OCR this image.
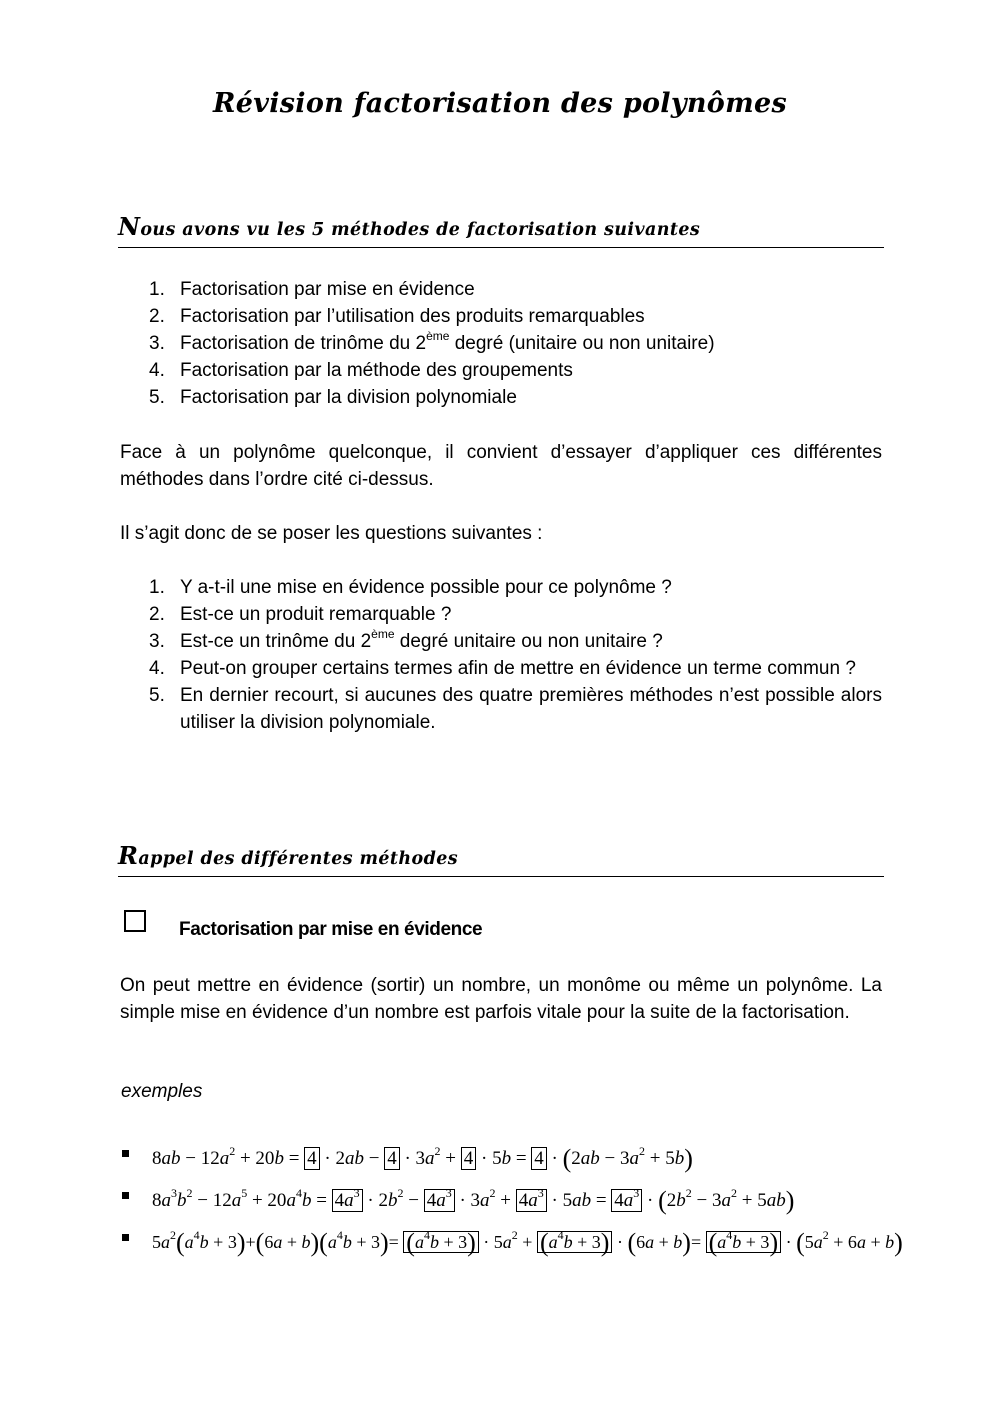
Révision factorisation des polynômes
Nous avons vu les 5 méthodes de factorisation suivantes
1. Factorisation par mise en évidence
2. Factorisation par l’utilisation des produits remarquables
3. Factorisation de trinôme du 2ème degré (unitaire ou non unitaire)
4. Factorisation par la méthode des groupements
5. Factorisation par la division polynomiale

Face à un polynôme quelconque, il convient d’essayer d’appliquer ces différentes méthodes dans l’ordre cité ci-dessus.

Il s’agit donc de se poser les questions suivantes :

1. Y a-t-il une mise en évidence possible pour ce polynôme ?
2. Est-ce un produit remarquable ?
3. Est-ce un trinôme du 2ème degré unitaire ou non unitaire ?
4. Peut-on grouper certains termes afin de mettre en évidence un terme commun ?
5. En dernier recourt, si aucunes des quatre premières méthodes n’est possible alors utiliser la division polynomiale.
Rappel des différentes méthodes
Factorisation par mise en évidence

On peut mettre en évidence (sortir) un nombre, un monôme ou même un polynôme. La simple mise en évidence d’un nombre est parfois vitale pour la suite de la factorisation.

exemples
$8ab - 12a^2 + 20b = 4 \cdot 2ab - 4 \cdot 3a^2 + 4 \cdot 5b = 4 \cdot (2ab - 3a^2 + 5b)$
$8a^3b^2 - 12a^5 + 20a^4b = 4a^3 \cdot 2b^2 - 4a^3 \cdot 3a^2 + 4a^3 \cdot 5ab = 4a^3 \cdot (2b^2 - 3a^2 + 5ab)$
$5a^2(a^4b + 3)+(6a + b)(a^4b + 3)= (a^4b + 3) \cdot 5a^2 + (a^4b + 3) \cdot (6a + b)= (a^4b + 3) \cdot (5a^2 + 6a + b)$
